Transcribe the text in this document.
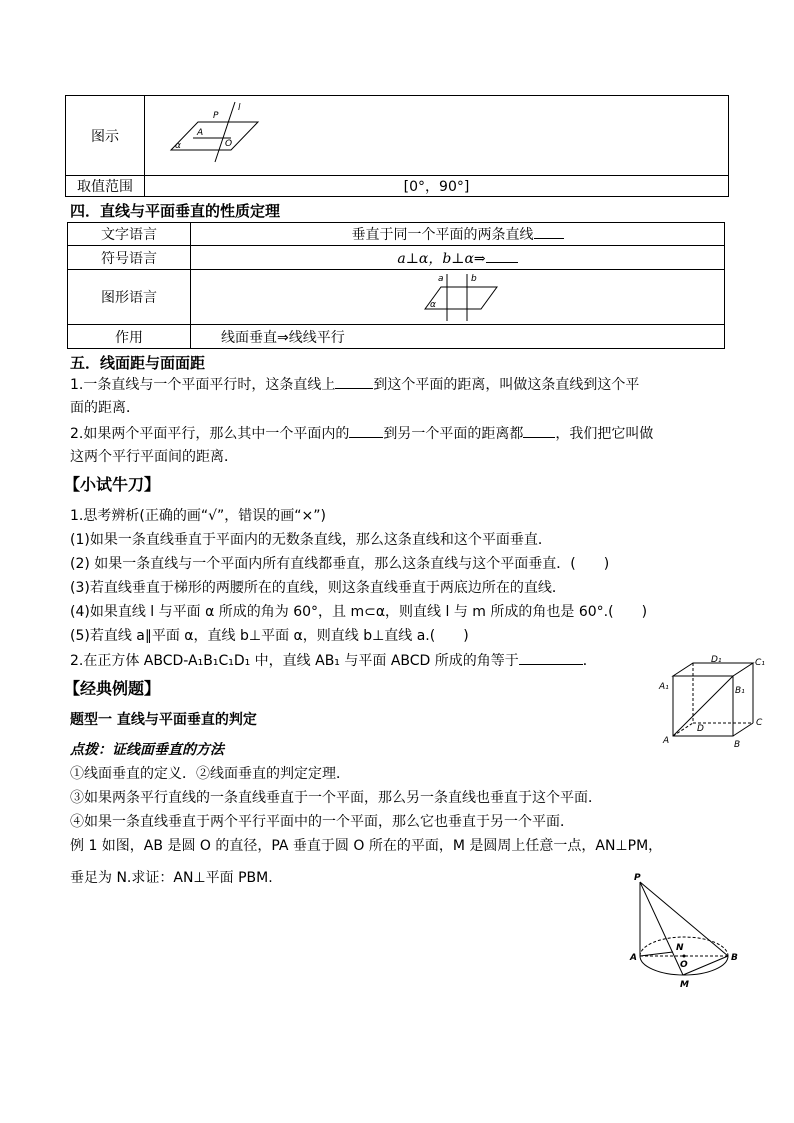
图示	P
l
A
α O

取值范围	[0°，90°]
四．直线与平面垂直的性质定理
文字语言	垂直于同一个平面的两条直线
符号语言	a⊥α，b⊥α⇒
图形语言	a b
α

作用	线面垂直⇒线线平行
五．线面距与面面距
1.一条直线与一个平面平行时，这条直线上	到这个平面的距离，叫做这条直线到这个平
面的距离．
2.如果两个平面平行，那么其中一个平面内的 到另一个平面的距离都 ，我们把它叫做
这两个平行平面间的距离．
【小试牛刀】
1.思考辨析(正确的画“√”，错误的画“×”)
(1)如果一条直线垂直于平面内的无数条直线，那么这条直线和这个平面垂直．
(2) 如果一条直线与一个平面内所有直线都垂直，那么这条直线与这个平面垂直．(　　)
(3)若直线垂直于梯形的两腰所在的直线，则这条直线垂直于两底边所在的直线．
(4)如果直线 l 与平面 α 所成的角为 60°，且 m⊂α，则直线 l 与 m 所成的角也是 60°.(　　)
(5)若直线 a∥平面 α，直线 b⊥平面 α，则直线 b⊥直线 a.(　　)
2.在正方体 ABCD-A₁B₁C₁D₁ 中，直线 AB₁ 与平面 ABCD 所成的角等于	．	D₁	C₁
A₁	B₁
C
D
A	B
【经典例题】
题型一 直线与平面垂直的判定
点拨：证线面垂直的方法
①线面垂直的定义．②线面垂直的判定定理．
③如果两条平行直线的一条直线垂直于一个平面，那么另一条直线也垂直于这个平面．
④如果一条直线垂直于两个平行平面中的一个平面，那么它也垂直于另一个平面．
例 1 如图，AB 是圆 O 的直径，PA 垂直于圆 O 所在的平面，M 是圆周上任意一点，AN⊥PM，
垂足为 N.求证：AN⊥平面 PBM.	P
A	B
N
O
M
